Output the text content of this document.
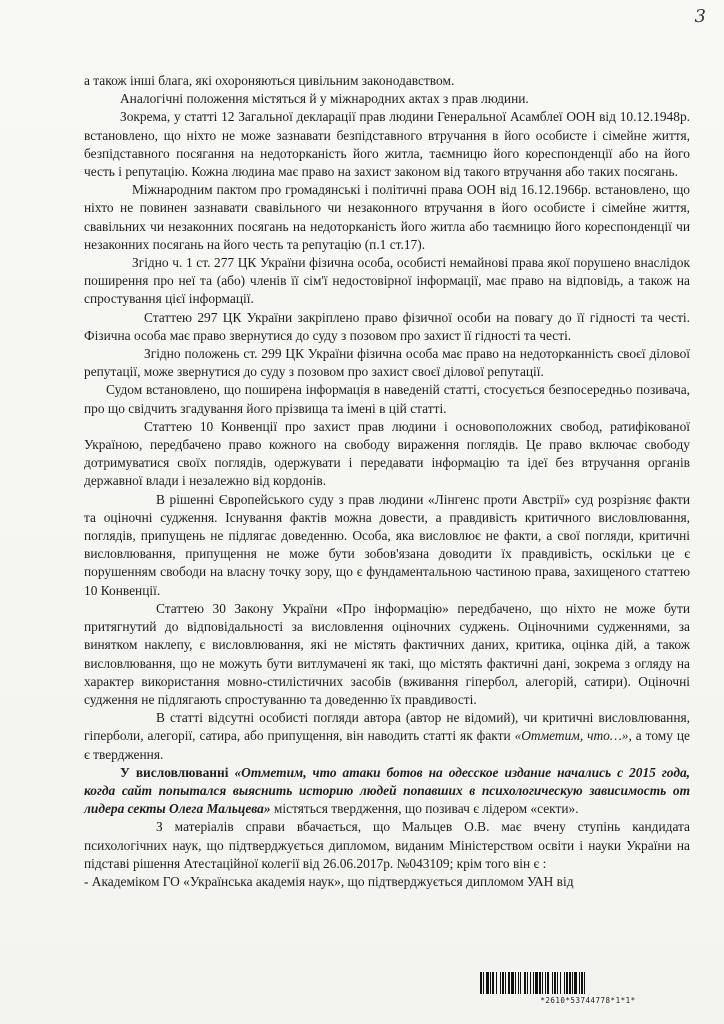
3

а також інші блага, які охороняються цивільним законодавством.

Аналогічні положення містяться й у міжнародних актах з прав людини.

Зокрема, у статті 12 Загальної декларації прав людини Генеральної Асамблеї ООН від 10.12.1948р. встановлено, що ніхто не може зазнавати безпідставного втручання в його особисте і сімейне життя, безпідставного посягання на недоторканість його житла, таємницю його кореспонденції або на його честь і репутацію. Кожна людина має право на захист законом від такого втручання або таких посягань.

Міжнародним пактом про громадянські і політичні права ООН від 16.12.1966р. встановлено, що ніхто не повинен зазнавати свавільного чи незаконного втручання в його особисте і сімейне життя, свавільних чи незаконних посягань на недоторканість його житла або таємницю його кореспонденції чи незаконних посягань на його честь та репутацію (п.1 ст.17).

Згідно ч. 1 ст. 277 ЦК України фізична особа, особисті немайнові права якої порушено внаслідок поширення про неї та (або) членів її сім'ї недостовірної інформації, має право на відповідь, а також на спростування цієї інформації.

Статтею 297 ЦК України закріплено право фізичної особи на повагу до її гідності та честі. Фізична особа має право звернутися до суду з позовом про захист її гідності та честі.

Згідно положень ст. 299 ЦК України фізична особа має право на недоторканність своєї ділової репутації, може звернутися до суду з позовом про захист своєї ділової репутації.

Судом встановлено, що поширена інформація в наведеній статті, стосується безпосередньо позивача, про що свідчить згадування його прізвища та імені в цій статті.

Статтею 10 Конвенції про захист прав людини і основоположних свобод, ратифікованої Україною, передбачено право кожного на свободу вираження поглядів. Це право включає свободу дотримуватися своїх поглядів, одержувати і передавати інформацію та ідеї без втручання органів державної влади і незалежно від кордонів.

В рішенні Європейського суду з прав людини «Лінгенс проти Австрії» суд розрізняє факти та оціночні судження. Існування фактів можна довести, а правдивість критичного висловлювання, поглядів, припущень не підлягає доведенню. Особа, яка висловлює не факти, а свої погляди, критичні висловлювання, припущення не може бути зобов'язана доводити їх правдивість, оскільки це є порушенням свободи на власну точку зору, що є фундаментальною частиною права, захищеного статтею 10 Конвенції.

Статтею 30 Закону України «Про інформацію» передбачено, що ніхто не може бути притягнутий до відповідальності за висловлення оціночних суджень. Оціночними судженнями, за винятком наклепу, є висловлювання, які не містять фактичних даних, критика, оцінка дій, а також висловлювання, що не можуть бути витлумачені як такі, що містять фактичні дані, зокрема з огляду на характер використання мовно-стилістичних засобів (вживання гіпербол, алегорій, сатири). Оціночні судження не підлягають спростуванню та доведенню їх правдивості.

В статті відсутні особисті погляди автора (автор не відомий), чи критичні висловлювання, гіперболи, алегорії, сатира, або припущення, він наводить статті як факти «Отметим, что…», а тому це є твердження.

У висловлюванні «Отметим, что атаки ботов на одесское издание начались с 2015 года, когда сайт попытался выяснить историю людей попавших в психологическую зависимость от лидера секты Олега Мальцева» містяться твердження, що позивач є лідером «секти».

З матеріалів справи вбачається, що Мальцев О.В. має вчену ступінь кандидата психологічних наук, що підтверджується дипломом, виданим Міністерством освіти і науки України на підставі рішення Атестаційної колегії від 26.06.2017р. №043109; крім того він є :

- Академіком ГО «Українська академія наук», що підтверджується дипломом УАН від

*2610*53744778*1*1*
